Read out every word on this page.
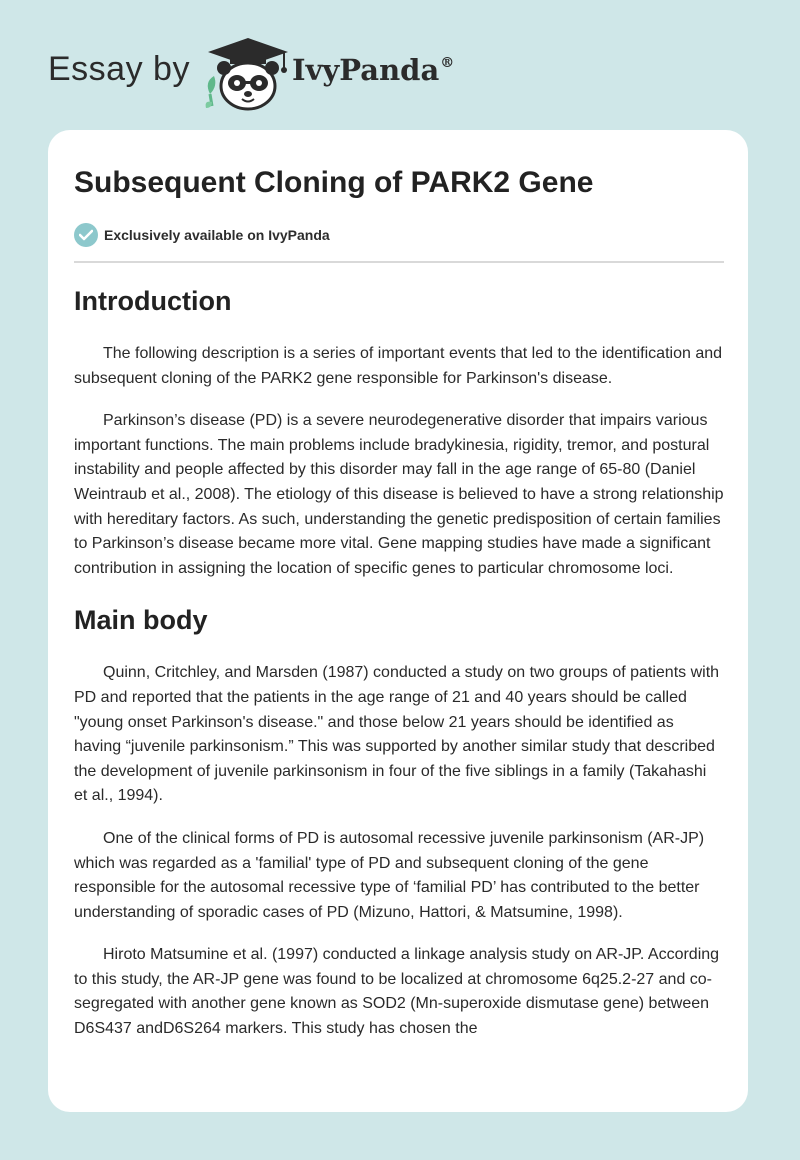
Essay by	IvyPanda®
Subsequent Cloning of PARK2 Gene
Exclusively available on IvyPanda
Introduction

The following description is a series of important events that led to the identification and subsequent cloning of the PARK2 gene responsible for Parkinson's disease.

Parkinson’s disease (PD) is a severe neurodegenerative disorder that impairs various important functions. The main problems include bradykinesia, rigidity, tremor, and postural instability and people affected by this disorder may fall in the age range of 65-80 (Daniel Weintraub et al., 2008). The etiology of this disease is believed to have a strong relationship with hereditary factors. As such, understanding the genetic predisposition of certain families to Parkinson’s disease became more vital. Gene mapping studies have made a significant contribution in assigning the location of specific genes to particular chromosome loci.

Main body

Quinn, Critchley, and Marsden (1987) conducted a study on two groups of patients with PD and reported that the patients in the age range of 21 and 40 years should be called "young onset Parkinson's disease." and those below 21 years should be identified as having “juvenile parkinsonism.” This was supported by another similar study that described the development of juvenile parkinsonism in four of the five siblings in a family (Takahashi et al., 1994).

One of the clinical forms of PD is autosomal recessive juvenile parkinsonism (AR-JP) which was regarded as a 'familial' type of PD and subsequent cloning of the gene responsible for the autosomal recessive type of ‘familial PD’ has contributed to the better understanding of sporadic cases of PD (Mizuno, Hattori, & Matsumine, 1998).

Hiroto Matsumine et al. (1997) conducted a linkage analysis study on AR-JP. According to this study, the AR-JP gene was found to be localized at chromosome 6q25.2-27 and co-segregated with another gene known as SOD2 (Mn-superoxide dismutase gene) between D6S437 andD6S264 markers. This study has chosen the
